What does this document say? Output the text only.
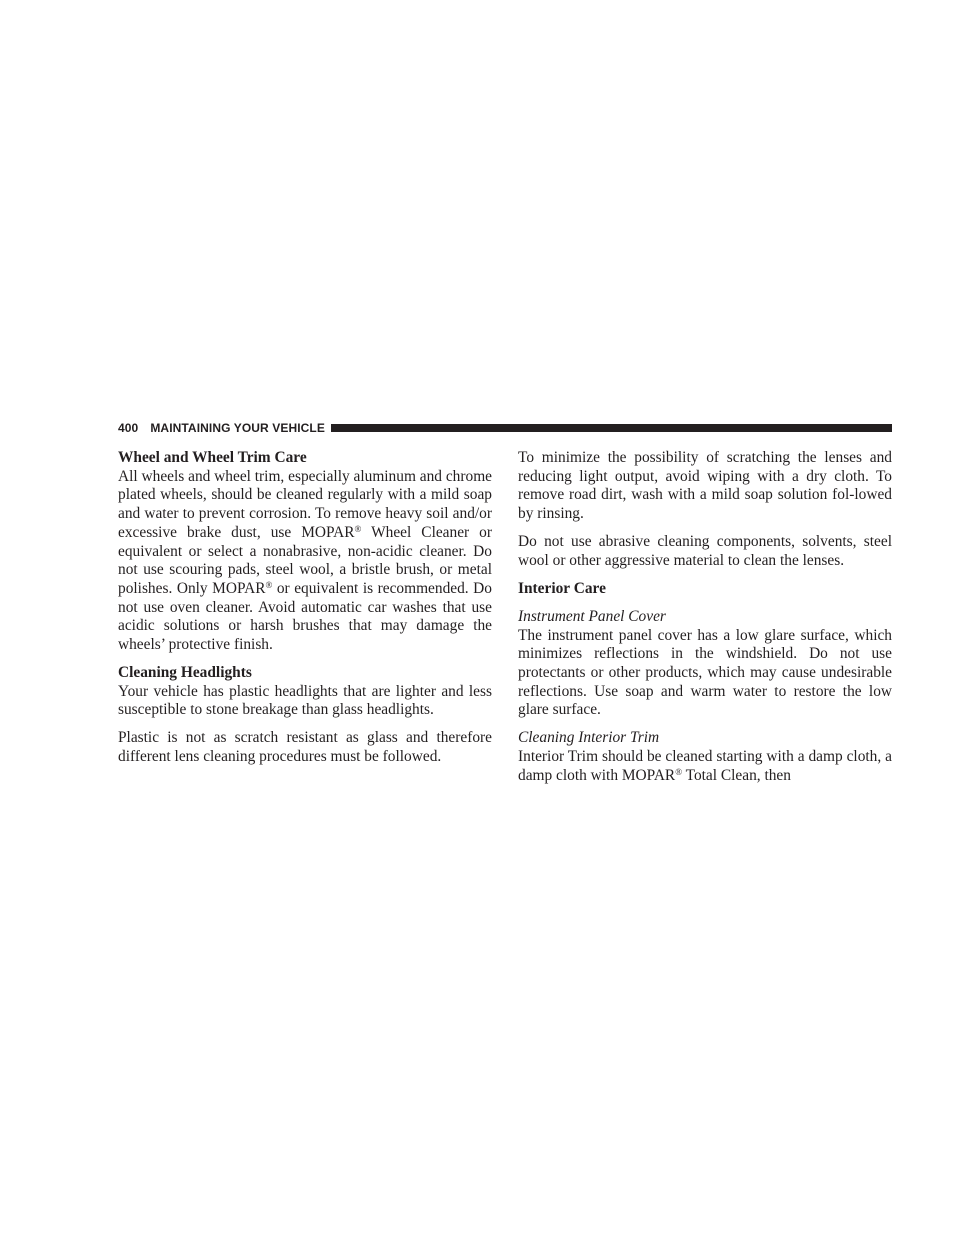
400 MAINTAINING YOUR VEHICLE
Wheel and Wheel Trim Care

All wheels and wheel trim, especially aluminum and chrome plated wheels, should be cleaned regularly with a mild soap and water to prevent corrosion. To remove heavy soil and/or excessive brake dust, use MOPAR® Wheel Cleaner or equivalent or select a nonabrasive, non-acidic cleaner. Do not use scouring pads, steel wool, a bristle brush, or metal polishes. Only MOPAR® or equivalent is recommended. Do not use oven cleaner. Avoid automatic car washes that use acidic solutions or harsh brushes that may damage the wheels’ protective finish.

Cleaning Headlights

Your vehicle has plastic headlights that are lighter and less susceptible to stone breakage than glass headlights.

Plastic is not as scratch resistant as glass and therefore different lens cleaning procedures must be followed.

To minimize the possibility of scratching the lenses and reducing light output, avoid wiping with a dry cloth. To remove road dirt, wash with a mild soap solution fol-lowed by rinsing.

Do not use abrasive cleaning components, solvents, steel wool or other aggressive material to clean the lenses.

Interior Care
Instrument Panel Cover

The instrument panel cover has a low glare surface, which minimizes reflections in the windshield. Do not use protectants or other products, which may cause undesirable reflections. Use soap and warm water to restore the low glare surface.

Cleaning Interior Trim

Interior Trim should be cleaned starting with a damp cloth, a damp cloth with MOPAR® Total Clean, then
